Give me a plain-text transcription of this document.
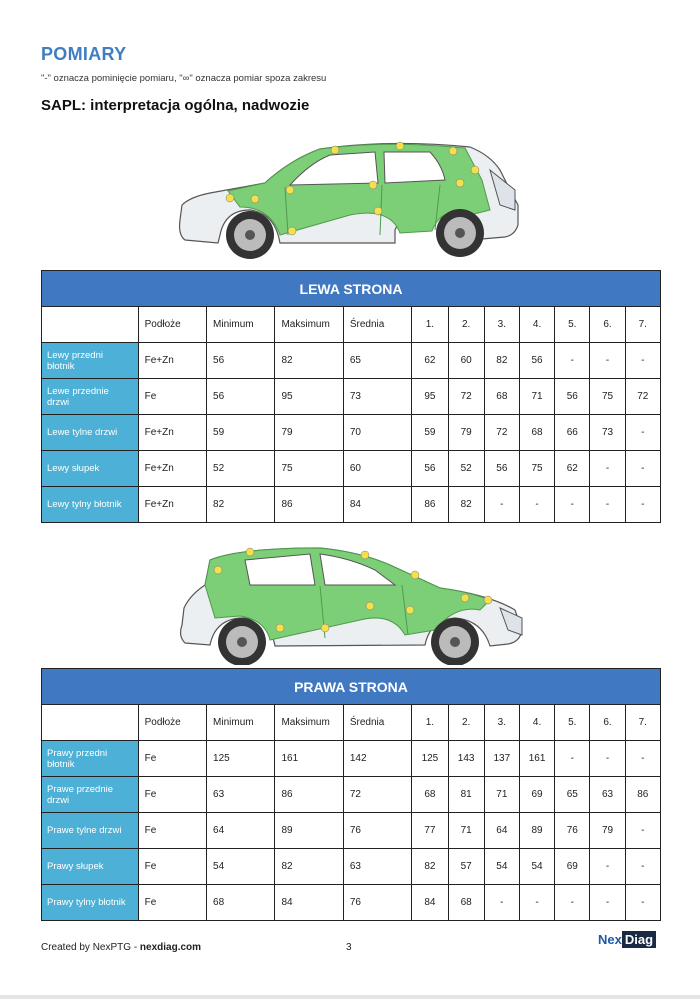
POMIARY
"-" oznacza pominięcie pomiaru, "∞" oznacza pomiar spoza zakresu
SAPL: interpretacja ogólna, nadwozie
LEWA STRONA											
	Podłoże	Minimum	Maksimum	Średnia	1.	2.	3.	4.	5.	6.	7.
Lewy przedni błotnik	Fe+Zn	56	82	65	62	60	82	56	-	-	-
Lewe przednie drzwi	Fe	56	95	73	95	72	68	71	56	75	72
Lewe tylne drzwi	Fe+Zn	59	79	70	59	79	72	68	66	73	-
Lewy słupek	Fe+Zn	52	75	60	56	52	56	75	62	-	-
Lewy tylny błotnik	Fe+Zn	82	86	84	86	82	-	-	-	-	-
PRAWA STRONA											
	Podłoże	Minimum	Maksimum	Średnia	1.	2.	3.	4.	5.	6.	7.
Prawy przedni błotnik	Fe	125	161	142	125	143	137	161	-	-	-
Prawe przednie drzwi	Fe	63	86	72	68	81	71	69	65	63	86
Prawe tylne drzwi	Fe	64	89	76	77	71	64	89	76	79	-
Prawy słupek	Fe	54	82	63	82	57	54	54	69	-	-
Prawy tylny błotnik	Fe	68	84	76	84	68	-	-	-	-	-
Created by NexPTG - nexdiag.com	3
Nex Diag
